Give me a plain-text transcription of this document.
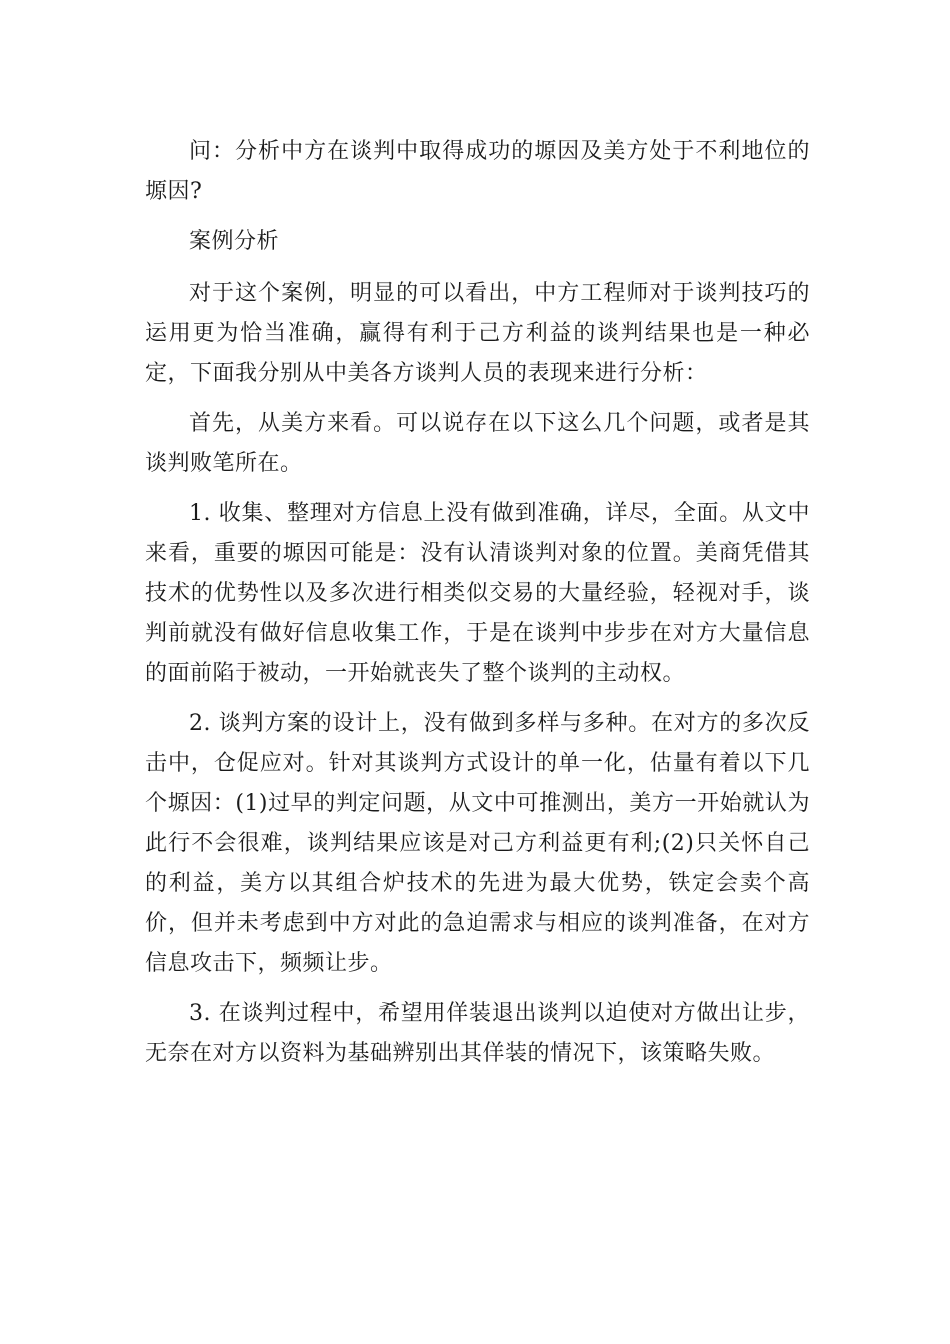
问：分析中方在谈判中取得成功的塬因及美方处于不利地位的塬因?

案例分析

对于这个案例，明显的可以看出，中方工程师对于谈判技巧的运用更为恰当准确，赢得有利于己方利益的谈判结果也是一种必定，下面我分别从中美各方谈判人员的表现来进行分析：

首先，从美方来看。可以说存在以下这么几个问题，或者是其谈判败笔所在。

1. 收集、整理对方信息上没有做到准确，详尽，全面。从文中来看，重要的塬因可能是：没有认清谈判对象的位置。美商凭借其技术的优势性以及多次进行相类似交易的大量经验，轻视对手，谈判前就没有做好信息收集工作，于是在谈判中步步在对方大量信息的面前陷于被动，一开始就丧失了整个谈判的主动权。

2. 谈判方案的设计上，没有做到多样与多种。在对方的多次反击中，仓促应对。针对其谈判方式设计的单一化，估量有着以下几个塬因：(1)过早的判定问题，从文中可推测出，美方一开始就认为此行不会很难，谈判结果应该是对己方利益更有利;(2)只关怀自己的利益，美方以其组合炉技术的先进为最大优势，铁定会卖个高价，但并未考虑到中方对此的急迫需求与相应的谈判准备，在对方信息攻击下，频频让步。

3. 在谈判过程中，希望用佯装退出谈判以迫使对方做出让步，无奈在对方以资料为基础辨别出其佯装的情况下，该策略失败。
